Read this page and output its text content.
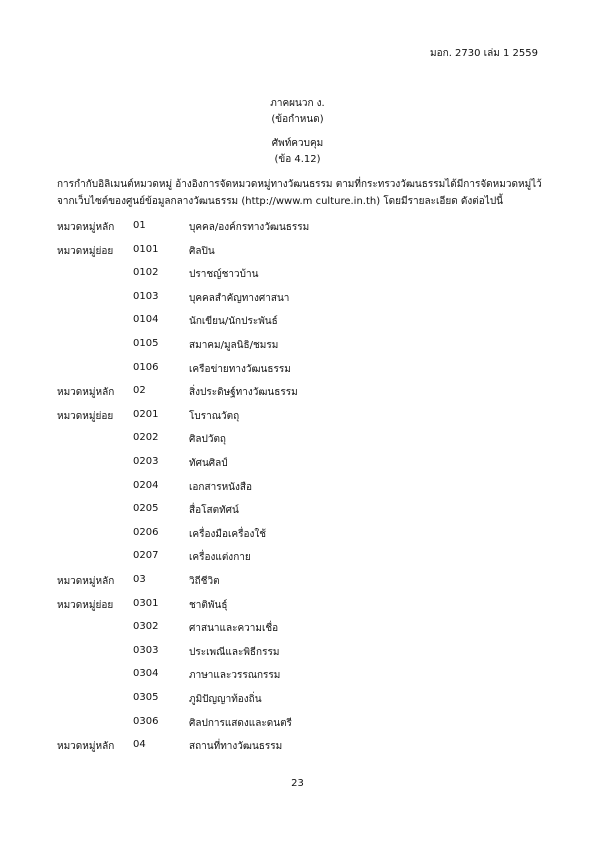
มอก. 2730 เล่ม 1 2559
ภาคผนวก ง.
(ข้อกำหนด)
ศัพท์ควบคุม
(ข้อ 4.12)
การกำกับอิลิเมนต์หมวดหมู่ อ้างอิงการจัดหมวดหมู่ทางวัฒนธรรม ตามที่กระทรวงวัฒนธรรมได้มีการจัดหมวดหมู่ไว้
จากเว็บไซต์ของศูนย์ข้อมูลกลางวัฒนธรรม (http://www.m culture.in.th) โดยมีรายละเอียด ดังต่อไปนี้
หมวดหมู่หลัก 01	บุคคล/องค์กรทางวัฒนธรรม
หมวดหมู่ย่อย 0101	ศิลปิน
0102	ปราชญ์ชาวบ้าน
0103	บุคคลสำคัญทางศาสนา
0104	นักเขียน/นักประพันธ์
0105	สมาคม/มูลนิธิ/ชมรม
0106	เครือข่ายทางวัฒนธรรม
หมวดหมู่หลัก 02	สิ่งประดิษฐ์ทางวัฒนธรรม
หมวดหมู่ย่อย 0201	โบราณวัตถุ
0202	ศิลปวัตถุ
0203	ทัศนศิลป์
0204	เอกสารหนังสือ
0205	สื่อโสตทัศน์
0206	เครื่องมือเครื่องใช้
0207	เครื่องแต่งกาย
หมวดหมู่หลัก 03	วิถีชีวิต
หมวดหมู่ย่อย 0301	ชาติพันธุ์
0302	ศาสนาและความเชื่อ
0303	ประเพณีและพิธีกรรม
0304	ภาษาและวรรณกรรม
0305	ภูมิปัญญาท้องถิ่น
0306	ศิลปการแสดงและดนตรี
หมวดหมู่หลัก 04	สถานที่ทางวัฒนธรรม
23
